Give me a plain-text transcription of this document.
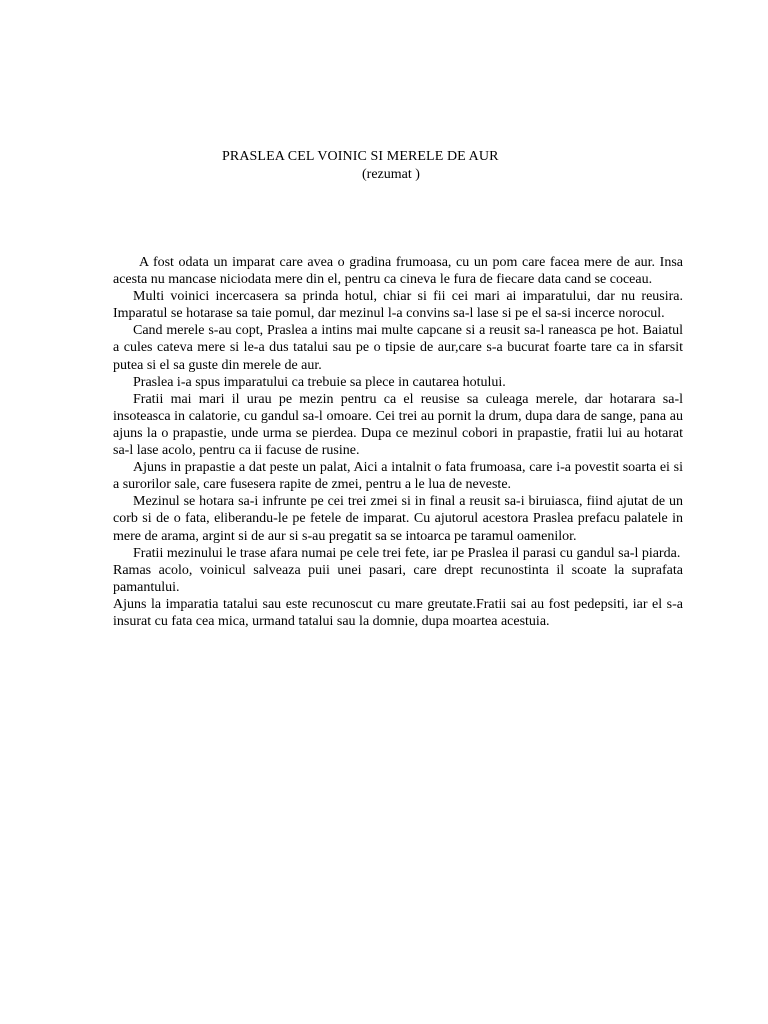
PRASLEA CEL VOINIC SI MERELE DE AUR
(rezumat )

A fost odata un imparat care avea o gradina frumoasa, cu un pom care facea mere de aur. Insa acesta nu mancase niciodata mere din el, pentru ca cineva le fura de fiecare data cand se coceau.

Multi voinici incercasera sa prinda hotul, chiar si fii cei mari ai imparatului, dar nu reusira. Imparatul se hotarase sa taie pomul, dar mezinul l-a convins sa-l lase si pe el sa-si incerce norocul.

Cand merele s-au copt, Praslea a intins mai multe capcane si a reusit sa-l raneasca pe hot. Baiatul a cules cateva mere si le-a dus tatalui sau pe o tipsie de aur,care s-a bucurat foarte tare ca in sfarsit putea si el sa guste din merele de aur.

Praslea i-a spus imparatului ca trebuie sa plece in cautarea hotului.

Fratii mai mari il urau pe mezin pentru ca el reusise sa culeaga merele, dar hotarara sa-l insoteasca in calatorie, cu gandul sa-l omoare. Cei trei au pornit la drum, dupa dara de sange, pana au ajuns la o prapastie, unde urma se pierdea. Dupa ce mezinul cobori in prapastie, fratii lui au hotarat sa-l lase acolo, pentru ca ii facuse de rusine.

Ajuns in prapastie a dat peste un palat, Aici a intalnit o fata frumoasa, care i-a povestit soarta ei si a surorilor sale, care fusesera rapite de zmei, pentru a le lua de neveste.

Mezinul se hotara sa-i infrunte pe cei trei zmei si in final a reusit sa-i biruiasca, fiind ajutat de un corb si de o fata, eliberandu-le pe fetele de imparat. Cu ajutorul acestora Praslea prefacu palatele in mere de arama, argint si de aur si s-au pregatit sa se intoarca pe taramul oamenilor.

Fratii mezinului le trase afara numai pe cele trei fete, iar pe Praslea il parasi cu gandul sa-l piarda.

Ramas acolo, voinicul salveaza puii unei pasari, care drept recunostinta il scoate la suprafata pamantului.

Ajuns la imparatia tatalui sau este recunoscut cu mare greutate.Fratii sai au fost pedepsiti, iar el s-a insurat cu fata cea mica, urmand tatalui sau la domnie, dupa moartea acestuia.
